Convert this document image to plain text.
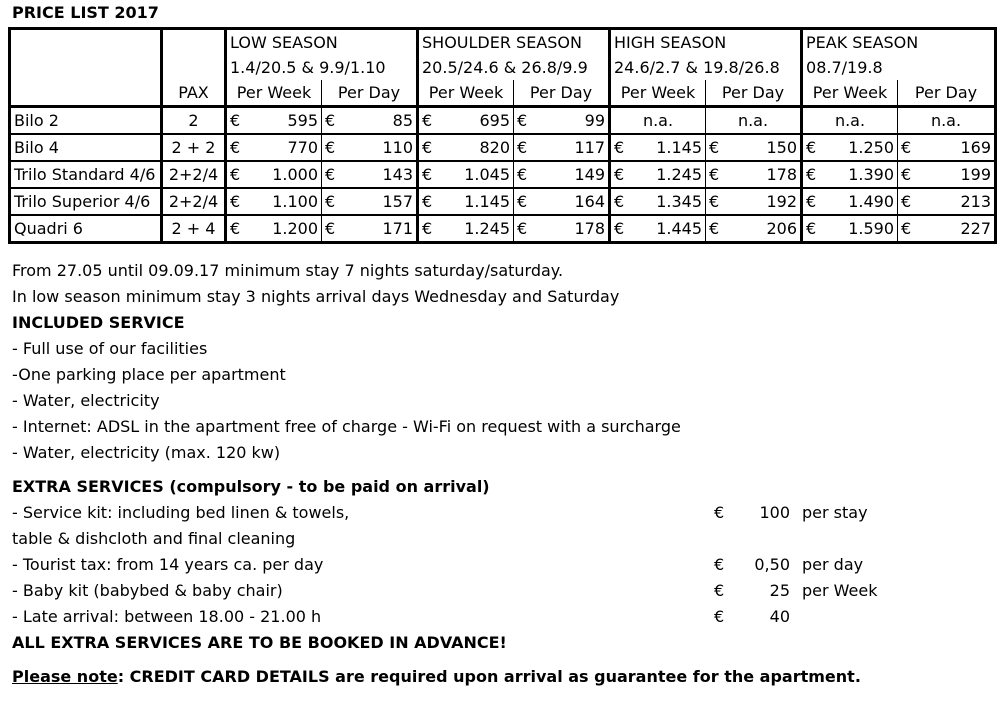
PRICE LIST 2017
		LOW SEASON		SHOULDER SEASON		HIGH SEASON		PEAK SEASON	
		1.4/20.5 & 9.9/1.10		20.5/24.6 & 26.8/9.9		24.6/2.7 & 19.8/26.8		08.7/19.8	
	PAX	Per Week	Per Day	Per Week	Per Day	Per Week	Per Day	Per Week	Per Day
Bilo 2	2	€ 595	€ 85	€ 695	€ 99	n.a.	n.a.	n.a.	n.a.
Bilo 4	2 + 2	€ 770	€ 110	€ 820	€ 117	€ 1.145	€ 150	€ 1.250	€ 169

Trilo Standard 4/6	2+2/4	€ 1.000	€ 143	€ 1.045	€ 149	€ 1.245	€ 178	€ 1.390	€ 199

Trilo Superior 4/6	2+2/4	€ 1.100	€ 157	€ 1.145	€ 164	€ 1.345	€ 192	€ 1.490	€ 213

Quadri 6	2 + 4	€ 1.200	€ 171	€ 1.245	€ 178	€ 1.445	€ 206	€ 1.590	€ 227
From 27.05 until 09.09.17 minimum stay 7 nights saturday/saturday.
In low season minimum stay 3 nights arrival days Wednesday and Saturday
INCLUDED SERVICE
- Full use of our facilities
-One parking place per apartment
- Water, electricity
- Internet: ADSL in the apartment free of charge - Wi-Fi on request with a surcharge
- Water, electricity (max. 120 kw)
EXTRA SERVICES (compulsory - to be paid on arrival)
- Service kit: including bed linen & towels,	€	100 per stay
table & dishcloth and final cleaning
- Tourist tax: from 14 years ca. per day	€	0,50 per day
- Baby kit (babybed & baby chair)	€	25 per Week
- Late arrival: between 18.00 - 21.00 h	€	40
ALL EXTRA SERVICES ARE TO BE BOOKED IN ADVANCE!
Please note: CREDIT CARD DETAILS are required upon arrival as guarantee for the apartment.
